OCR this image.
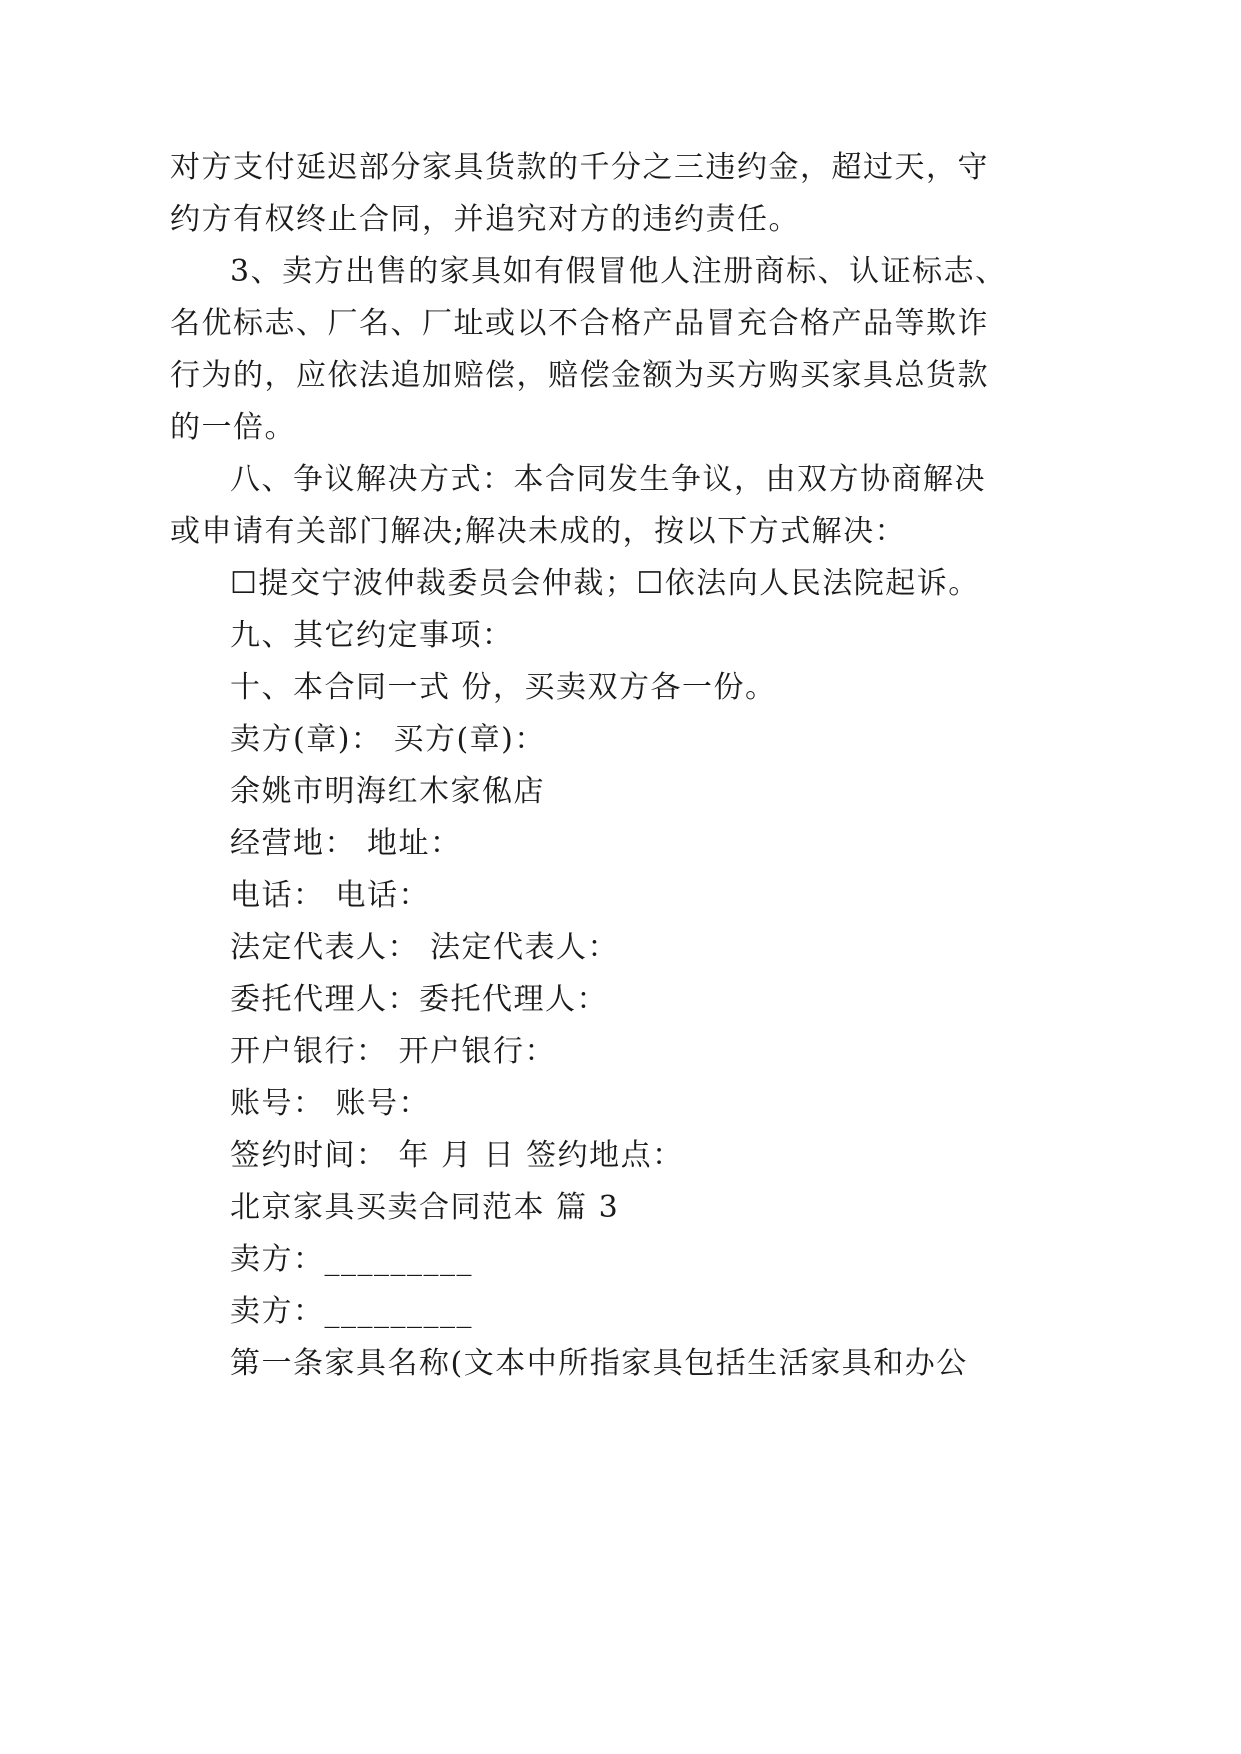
对方支付延迟部分家具货款的千分之三违约金，超过天，守

约方有权终止合同，并追究对方的违约责任。

3、卖方出售的家具如有假冒他人注册商标、认证标志、

名优标志、厂名、厂址或以不合格产品冒充合格产品等欺诈

行为的，应依法追加赔偿，赔偿金额为买方购买家具总货款

的一倍。

八、争议解决方式：本合同发生争议，由双方协商解决

或申请有关部门解决;解决未成的，按以下方式解决：

☐提交宁波仲裁委员会仲裁；☐依法向人民法院起诉。

九、其它约定事项：

十、本合同一式 份，买卖双方各一份。

卖方(章)： 买方(章)：

余姚市明海红木家俬店

经营地： 地址：

电话： 电话：

法定代表人： 法定代表人：

委托代理人：委托代理人：

开户银行： 开户银行：

账号： 账号：

签约时间： 年 月 日 签约地点：

北京家具买卖合同范本 篇 3

卖方：_________

卖方：_________

第一条家具名称(文本中所指家具包括生活家具和办公
